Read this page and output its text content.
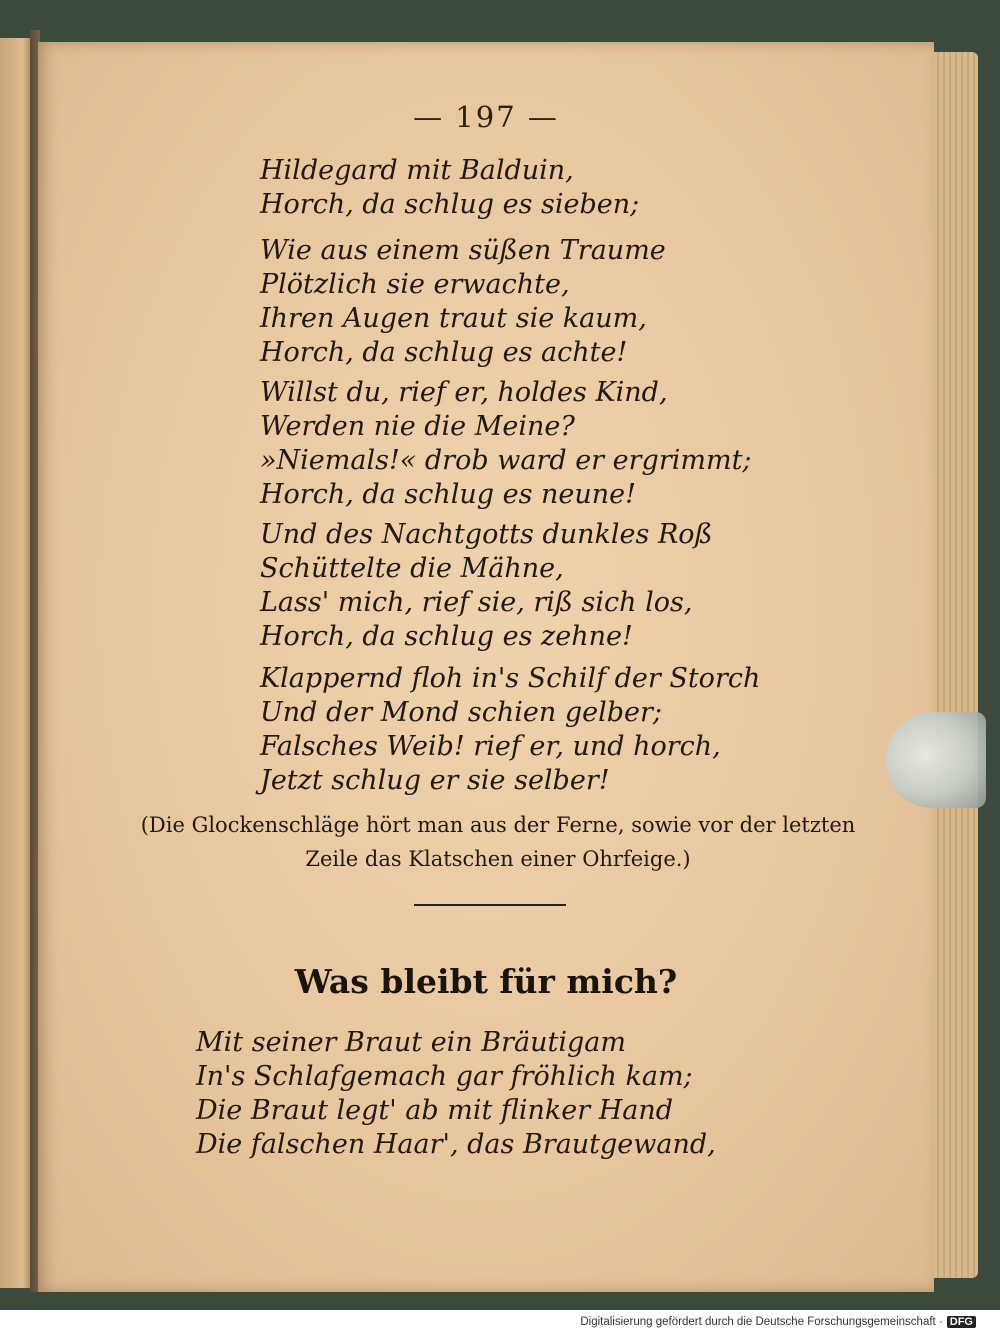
— 197 —
Hildegard mit Balduin,
Horch, da schlug es sieben;
Wie aus einem süßen Traume
Plötzlich sie erwachte,
Ihren Augen traut sie kaum,
Horch, da schlug es achte!
Willst du, rief er, holdes Kind,
Werden nie die Meine?
»Niemals!« drob ward er ergrimmt;
Horch, da schlug es neune!
Und des Nachtgotts dunkles Roß
Schüttelte die Mähne,
Lass' mich, rief sie, riß sich los,
Horch, da schlug es zehne!
Klappernd floh in's Schilf der Storch
Und der Mond schien gelber;
Falsches Weib! rief er, und horch,
Jetzt schlug er sie selber!
(Die Glockenschläge hört man aus der Ferne, sowie vor der letzten
Zeile das Klatschen einer Ohrfeige.)
Was bleibt für mich?
Mit seiner Braut ein Bräutigam
In's Schlafgemach gar fröhlich kam;
Die Braut legt' ab mit flinker Hand
Die falschen Haar', das Brautgewand,
Digitalisierung gefördert durch die Deutsche Forschungsgemeinschaft · DFG
